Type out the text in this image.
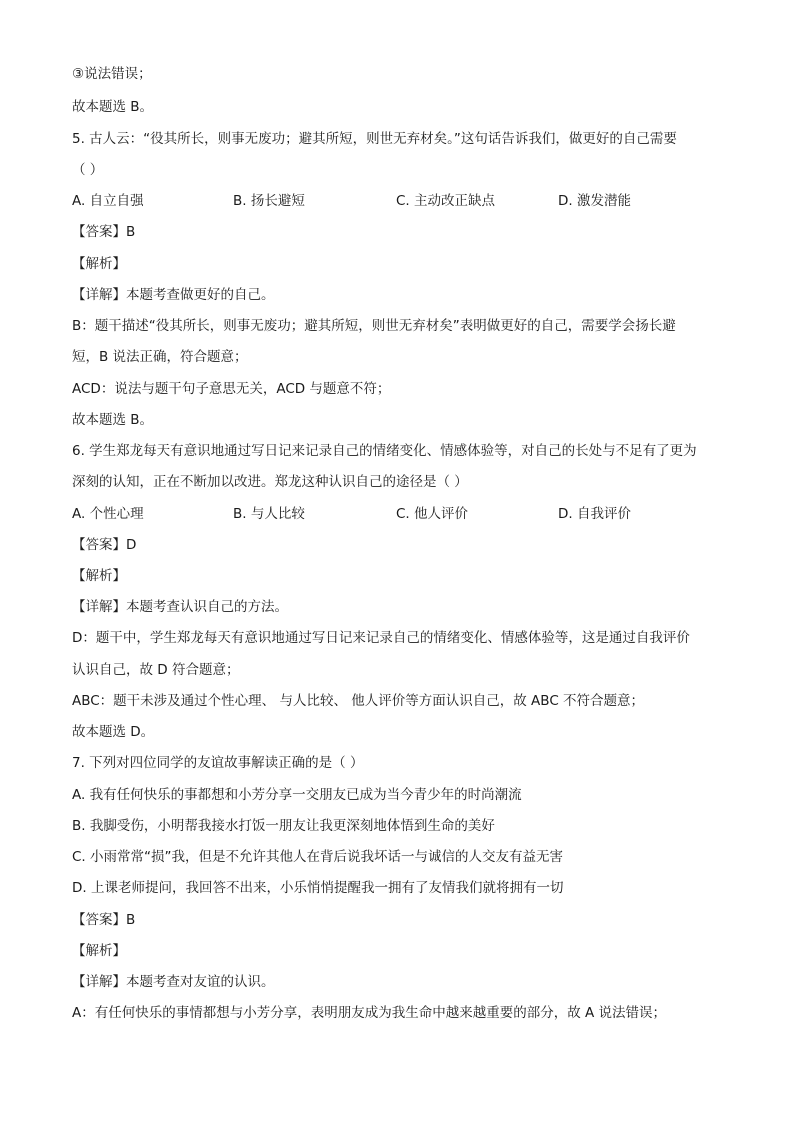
③说法错误；
故本题选 B。
5. 古人云：“役其所长，则事无废功；避其所短，则世无弃材矣。”这句话告诉我们，做更好的自己需要
（ ）
A. 自立自强	B. 扬长避短	C. 主动改正缺点	D. 激发潜能
【答案】B
【解析】
【详解】本题考查做更好的自己。
B：题干描述“役其所长，则事无废功；避其所短，则世无弃材矣”表明做更好的自己，需要学会扬长避
短，B 说法正确，符合题意；
ACD：说法与题干句子意思无关，ACD 与题意不符；
故本题选 B。
6. 学生郑龙每天有意识地通过写日记来记录自己的情绪变化、情感体验等，对自己的长处与不足有了更为
深刻的认知，正在不断加以改进。郑龙这种认识自己的途径是（ ）
A. 个性心理	B. 与人比较	C. 他人评价	D. 自我评价
【答案】D
【解析】
【详解】本题考查认识自己的方法。
D：题干中，学生郑龙每天有意识地通过写日记来记录自己的情绪变化、情感体验等，这是通过自我评价
认识自己，故 D 符合题意；
ABC：题干未涉及通过个性心理、 与人比较、 他人评价等方面认识自己，故 ABC 不符合题意；
故本题选 D。
7. 下列对四位同学的友谊故事解读正确的是（ ）
A. 我有任何快乐的事都想和小芳分享一交朋友已成为当今青少年的时尚潮流
B. 我脚受伤，小明帮我接水打饭一朋友让我更深刻地体悟到生命的美好
C. 小雨常常“损”我，但是不允许其他人在背后说我坏话一与诚信的人交友有益无害
D. 上课老师提问，我回答不出来，小乐悄悄提醒我一拥有了友情我们就将拥有一切
【答案】B
【解析】
【详解】本题考查对友谊的认识。
A：有任何快乐的事情都想与小芳分享，表明朋友成为我生命中越来越重要的部分，故 A 说法错误；
